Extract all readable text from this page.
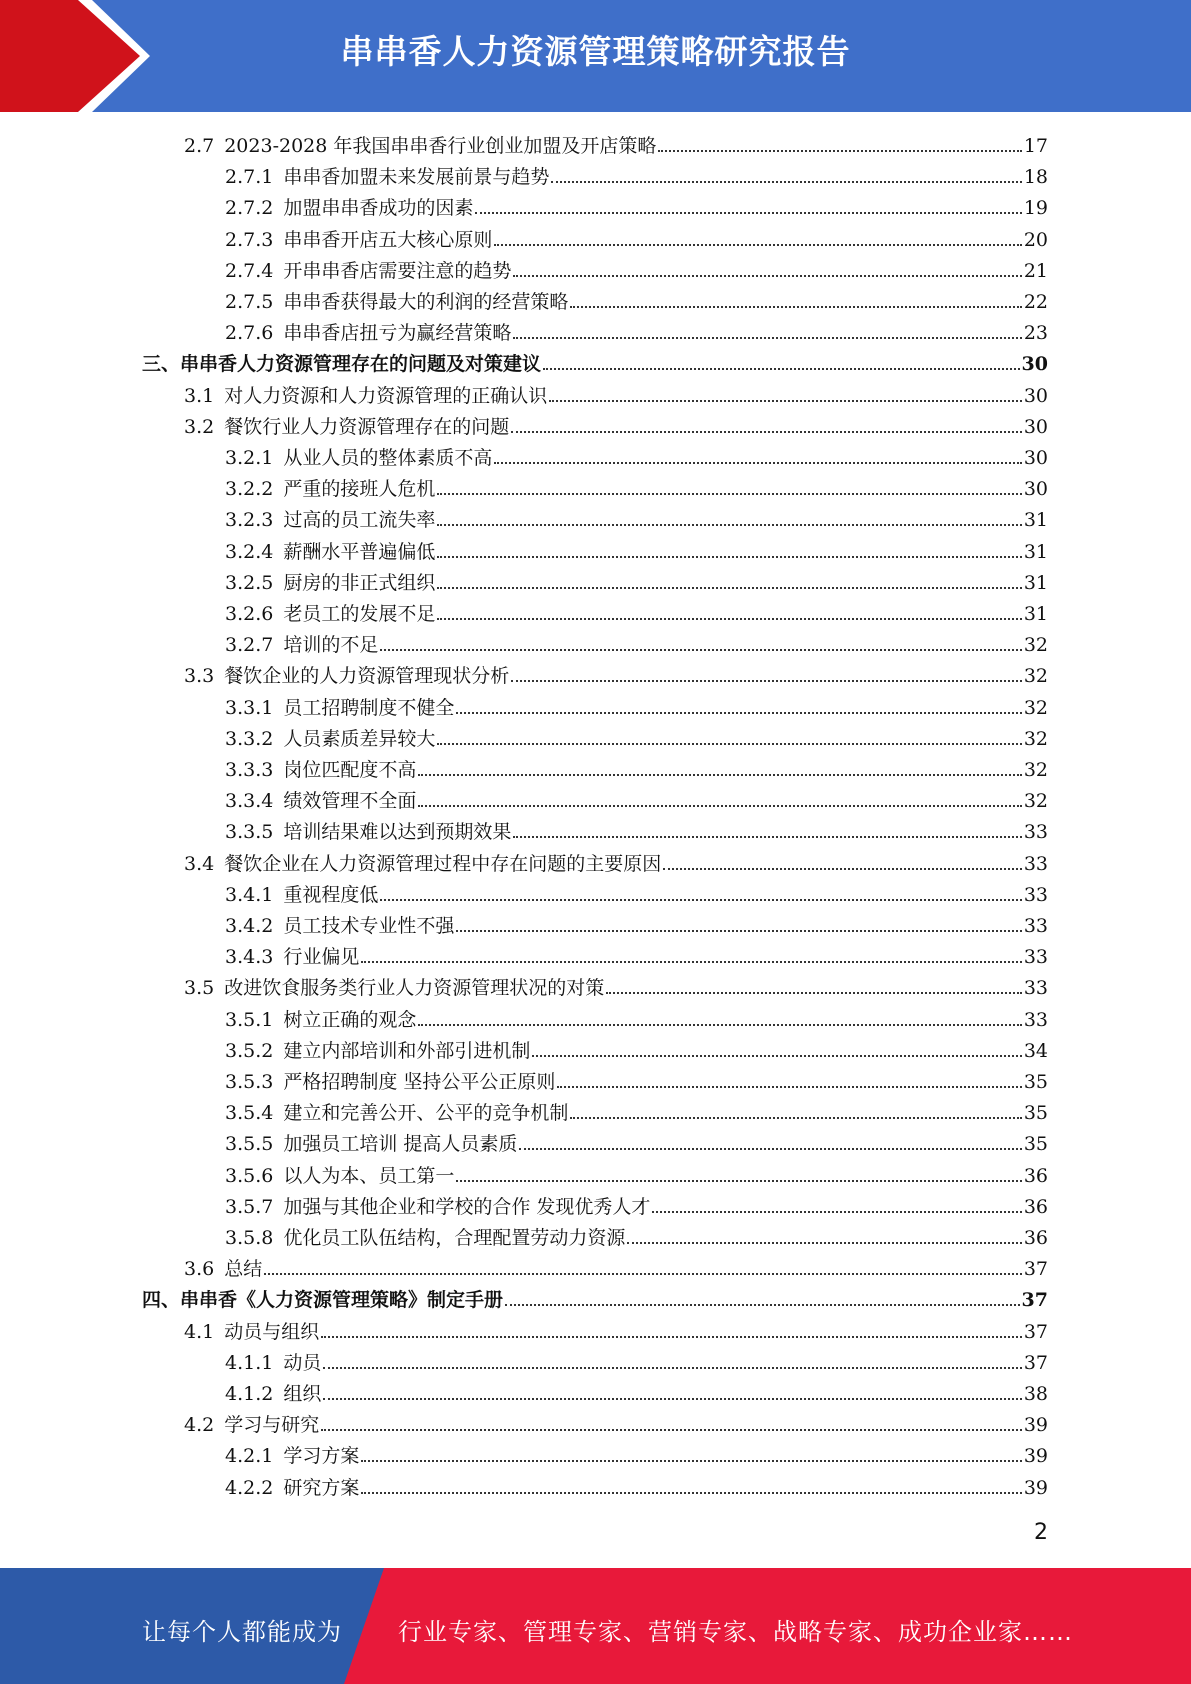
串串香人力资源管理策略研究报告
2.7 2023-2028 年我国串串香行业创业加盟及开店策略	17
2.7.1 串串香加盟未来发展前景与趋势	18
2.7.2 加盟串串香成功的因素	19
2.7.3 串串香开店五大核心原则	20
2.7.4 开串串香店需要注意的趋势	21
2.7.5 串串香获得最大的利润的经营策略	22
2.7.6 串串香店扭亏为赢经营策略	23
三、串串香人力资源管理存在的问题及对策建议	30
3.1 对人力资源和人力资源管理的正确认识	30
3.2 餐饮行业人力资源管理存在的问题	30
3.2.1 从业人员的整体素质不高	30
3.2.2 严重的接班人危机	30
3.2.3 过高的员工流失率	31
3.2.4 薪酬水平普遍偏低	31
3.2.5 厨房的非正式组织	31
3.2.6 老员工的发展不足	31
3.2.7 培训的不足	32
3.3 餐饮企业的人力资源管理现状分析	32
3.3.1 员工招聘制度不健全	32
3.3.2 人员素质差异较大	32
3.3.3 岗位匹配度不高	32
3.3.4 绩效管理不全面	32
3.3.5 培训结果难以达到预期效果	33
3.4 餐饮企业在人力资源管理过程中存在问题的主要原因	33
3.4.1 重视程度低	33
3.4.2 员工技术专业性不强	33
3.4.3 行业偏见	33
3.5 改进饮食服务类行业人力资源管理状况的对策	33
3.5.1 树立正确的观念	33
3.5.2 建立内部培训和外部引进机制	34
3.5.3 严格招聘制度 坚持公平公正原则	35
3.5.4 建立和完善公开、公平的竞争机制	35
3.5.5 加强员工培训 提高人员素质	35
3.5.6 以人为本、员工第一	36
3.5.7 加强与其他企业和学校的合作 发现优秀人才	36
3.5.8 优化员工队伍结构，合理配置劳动力资源	36
3.6 总结	37
四、串串香《人力资源管理策略》制定手册	37
4.1 动员与组织	37
4.1.1 动员	37
4.1.2 组织	38
4.2 学习与研究	39
4.2.1 学习方案	39
4.2.2 研究方案	39
2
让每个人都能成为 行业专家、管理专家、营销专家、战略专家、成功企业家……
